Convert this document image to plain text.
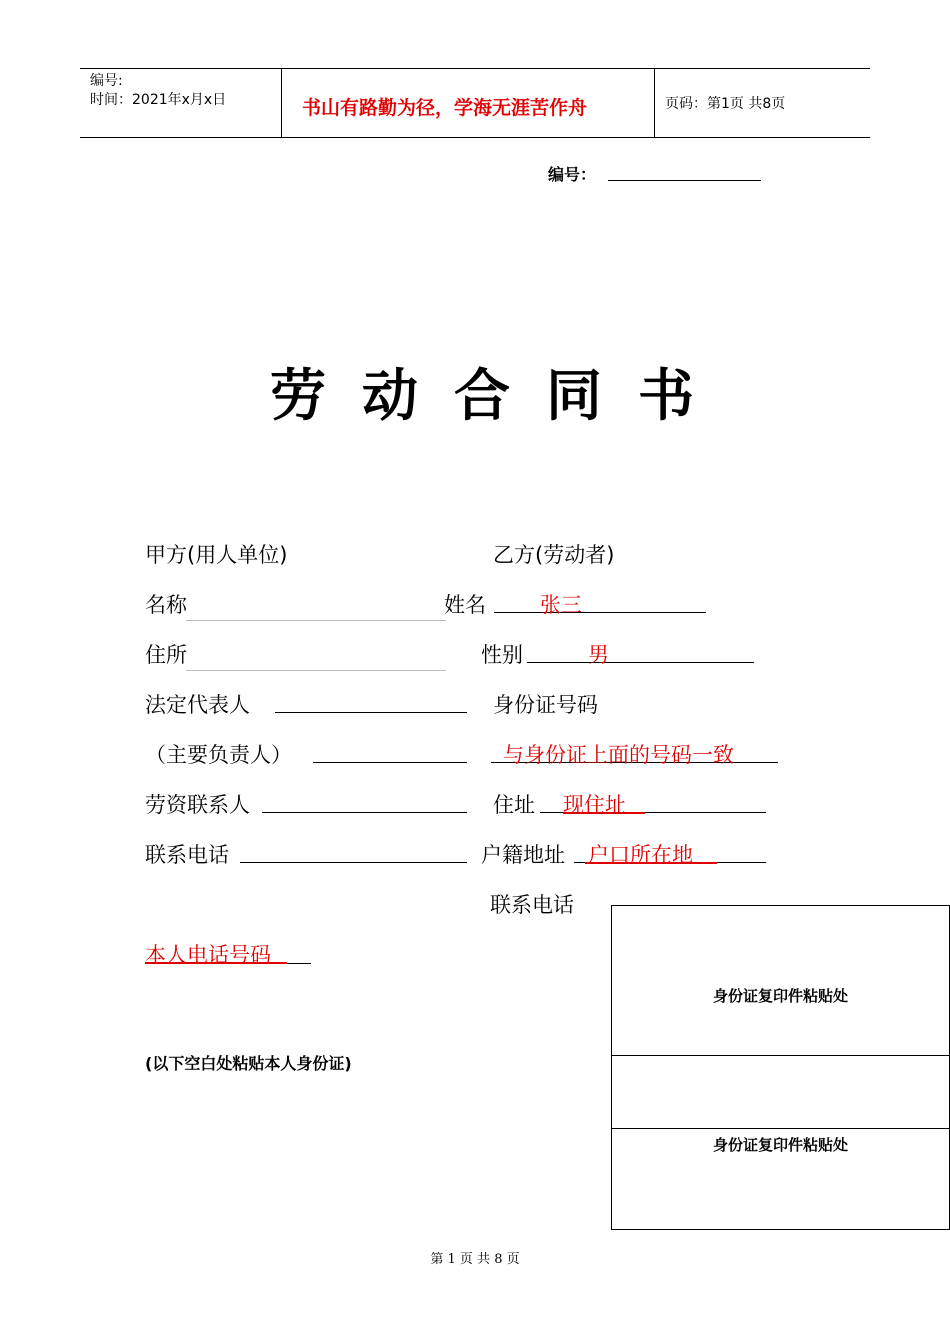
编号:
时间：2021年x月x日	书山有路勤为径，学海无涯苦作舟	页码：第1页 共8页
编号：
劳动合同书
甲方(用人单位)	乙方(劳动者)
名称	姓名	张三
住所	性别	男
法定代表人	身份证号码
（主要负责人）	与身份证上面的号码一致
劳资联系人	住址 现住址
联系电话	户籍地址 户口所在地
联系电话
本人电话号码
(以下空白处粘贴本人身份证)
身份证复印件粘贴处
身份证复印件粘贴处
第 1 页 共 8 页
